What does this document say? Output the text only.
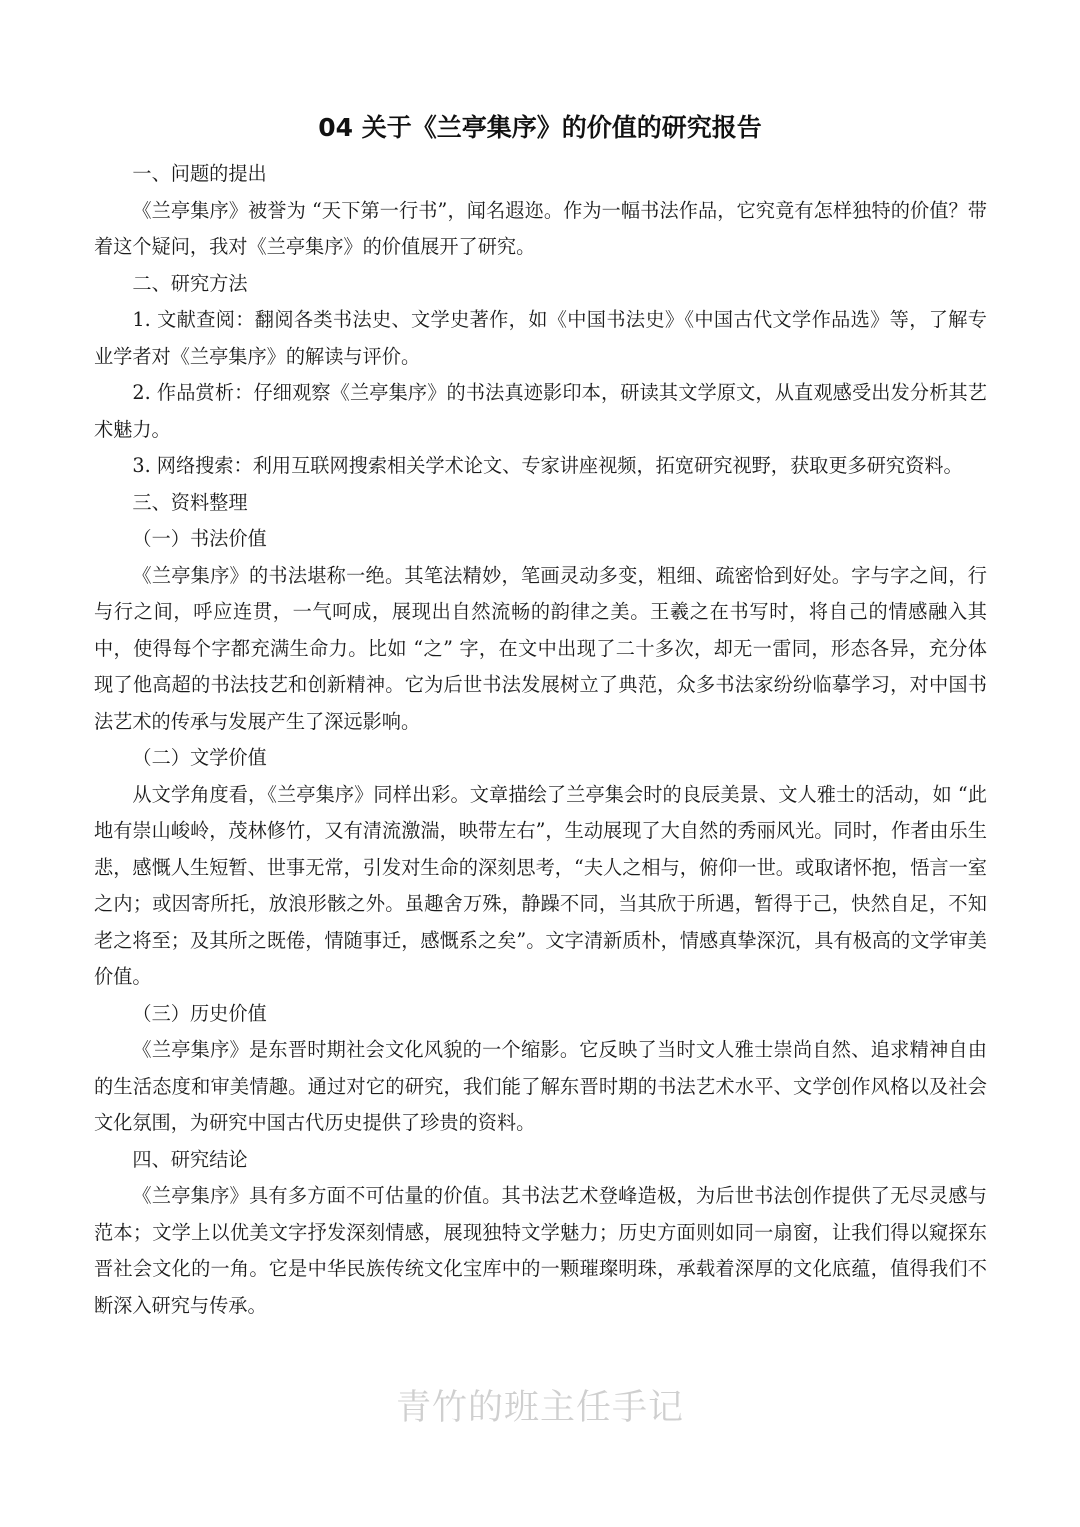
04 关于《兰亭集序》的价值的研究报告

一、问题的提出

《兰亭集序》被誉为 “天下第一行书”，闻名遐迩。作为一幅书法作品，它究竟有怎样独特的价值？带着这个疑问，我对《兰亭集序》的价值展开了研究。

二、研究方法

1. 文献查阅：翻阅各类书法史、文学史著作，如《中国书法史》《中国古代文学作品选》等，了解专业学者对《兰亭集序》的解读与评价。

2. 作品赏析：仔细观察《兰亭集序》的书法真迹影印本，研读其文学原文，从直观感受出发分析其艺术魅力。

3. 网络搜索：利用互联网搜索相关学术论文、专家讲座视频，拓宽研究视野，获取更多研究资料。

三、资料整理

（一）书法价值

《兰亭集序》的书法堪称一绝。其笔法精妙，笔画灵动多变，粗细、疏密恰到好处。字与字之间，行与行之间，呼应连贯，一气呵成，展现出自然流畅的韵律之美。王羲之在书写时，将自己的情感融入其中，使得每个字都充满生命力。比如 “之” 字，在文中出现了二十多次，却无一雷同，形态各异，充分体现了他高超的书法技艺和创新精神。它为后世书法发展树立了典范，众多书法家纷纷临摹学习，对中国书法艺术的传承与发展产生了深远影响。

（二）文学价值

从文学角度看，《兰亭集序》同样出彩。文章描绘了兰亭集会时的良辰美景、文人雅士的活动，如 “此地有崇山峻岭，茂林修竹，又有清流激湍，映带左右”，生动展现了大自然的秀丽风光。同时，作者由乐生悲，感慨人生短暂、世事无常，引发对生命的深刻思考，“夫人之相与，俯仰一世。或取诸怀抱，悟言一室之内；或因寄所托，放浪形骸之外。虽趣舍万殊，静躁不同，当其欣于所遇，暂得于己，快然自足，不知老之将至；及其所之既倦，情随事迁，感慨系之矣”。文字清新质朴，情感真挚深沉，具有极高的文学审美价值。

（三）历史价值

《兰亭集序》是东晋时期社会文化风貌的一个缩影。它反映了当时文人雅士崇尚自然、追求精神自由的生活态度和审美情趣。通过对它的研究，我们能了解东晋时期的书法艺术水平、文学创作风格以及社会文化氛围，为研究中国古代历史提供了珍贵的资料。

四、研究结论

《兰亭集序》具有多方面不可估量的价值。其书法艺术登峰造极，为后世书法创作提供了无尽灵感与范本；文学上以优美文字抒发深刻情感，展现独特文学魅力；历史方面则如同一扇窗，让我们得以窥探东晋社会文化的一角。它是中华民族传统文化宝库中的一颗璀璨明珠，承载着深厚的文化底蕴，值得我们不断深入研究与传承。

青竹的班主任手记
